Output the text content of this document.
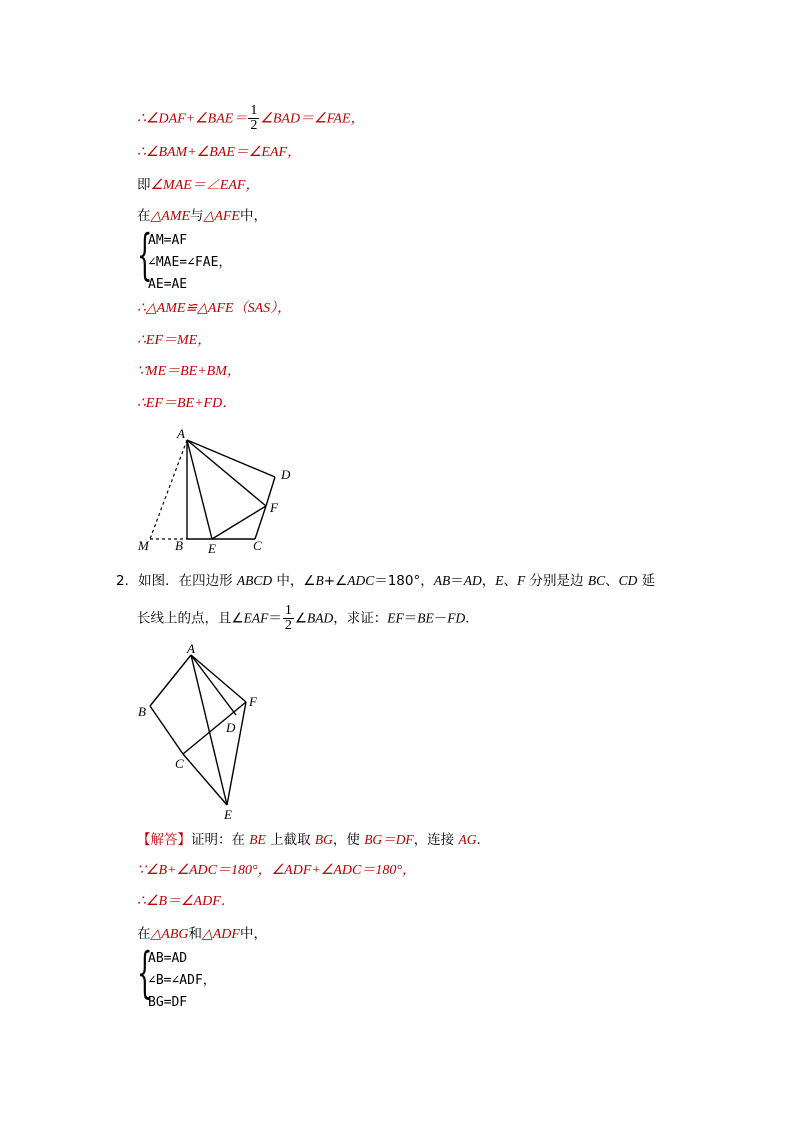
∴∠DAF+∠BAE＝ $\frac{1}{2}$ ∠BAD＝∠FAE，
∴∠BAM+∠BAE＝∠EAF，
即∠MAE＝∠EAF，
在△AME与△AFE中，
{
AM=AF
∠MAE=∠FAE，
AE=AE
∴△AME≌△AFE（SAS），
∴EF＝ME，
∵ME＝BE+BM，
∴EF＝BE+FD．
A
D
F
M B E	C
A
B
F
D
C
E
2．如图．在四边形 ABCD 中，∠B+∠ADC＝180°，AB＝AD，E、F 分别是边 BC、CD 延
长线上的点，且∠EAF＝ $\frac{1}{2}$ ∠BAD，求证：EF＝BE－FD．
【解答】证明：在 BE 上截取 BG，使 BG＝DF，连接 AG．
∵∠B+∠ADC＝180°，∠ADF+∠ADC＝180°，
∴∠B＝∠ADF．
在△ABG和△ADF中，
{
AB=AD
∠B=∠ADF，
BG=DF
